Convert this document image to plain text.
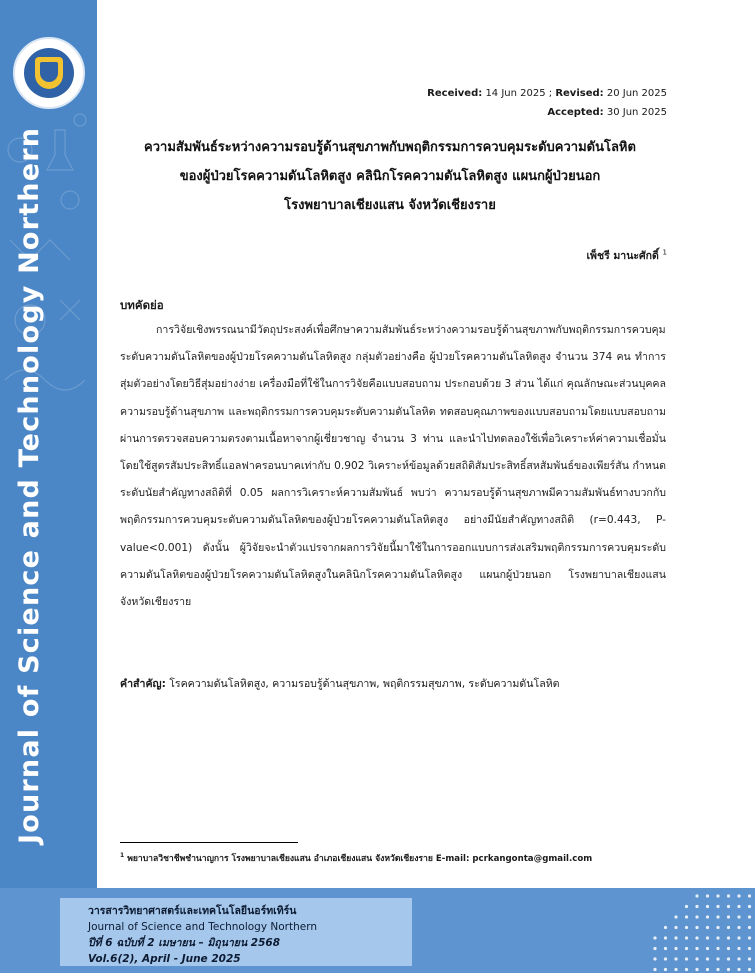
Journal of Science and Technology Northern
Received: 14 Jun 2025 ; Revised: 20 Jun 2025
Accepted: 30 Jun 2025
ความสัมพันธ์ระหว่างความรอบรู้ด้านสุขภาพกับพฤติกรรมการควบคุมระดับความดันโลหิต
ของผู้ป่วยโรคความดันโลหิตสูง คลินิกโรคความดันโลหิตสูง แผนกผู้ป่วยนอก
โรงพยาบาลเชียงแสน จังหวัดเชียงราย
เพ็ชรี มานะศักดิ์ $^1$
บทคัดย่อ

การวิจัยเชิงพรรณนามีวัตถุประสงค์เพื่อศึกษาความสัมพันธ์ระหว่างความรอบรู้ด้านสุขภาพกับพฤติกรรมการควบคุมระดับความดันโลหิตของผู้ป่วยโรคความดันโลหิตสูง กลุ่มตัวอย่างคือ ผู้ป่วยโรคความดันโลหิตสูง จำนวน 374 คน ทำการสุ่มตัวอย่างโดยวิธีสุ่มอย่างง่าย เครื่องมือที่ใช้ในการวิจัยคือแบบสอบถาม ประกอบด้วย 3 ส่วน ได้แก่ คุณลักษณะส่วนบุคคล ความรอบรู้ด้านสุขภาพ และพฤติกรรมการควบคุมระดับความดันโลหิต ทดสอบคุณภาพของแบบสอบถามโดยแบบสอบถามผ่านการตรวจสอบความตรงตามเนื้อหาจากผู้เชี่ยวชาญ จำนวน 3 ท่าน และนำไปทดลองใช้เพื่อวิเคราะห์ค่าความเชื่อมั่นโดยใช้สูตรสัมประสิทธิ์แอลฟาครอนบาคเท่ากับ 0.902 วิเคราะห์ข้อมูลด้วยสถิติสัมประสิทธิ์สหสัมพันธ์ของเพียร์สัน กำหนดระดับนัยสำคัญทางสถิติที่ 0.05 ผลการวิเคราะห์ความสัมพันธ์ พบว่า ความรอบรู้ด้านสุขภาพมีความสัมพันธ์ทางบวกกับพฤติกรรมการควบคุมระดับความดันโลหิตของผู้ป่วยโรคความดันโลหิตสูง อย่างมีนัยสำคัญทางสถิติ (r=0.443, P-value<0.001) ดังนั้น ผู้วิจัยจะนำตัวแปรจากผลการวิจัยนี้มาใช้ในการออกแบบการส่งเสริมพฤติกรรมการควบคุมระดับความดันโลหิตของผู้ป่วยโรคความดันโลหิตสูงในคลินิกโรคความดันโลหิตสูง แผนกผู้ป่วยนอก โรงพยาบาลเชียงแสน จังหวัดเชียงราย

คำสำคัญ: โรคความดันโลหิตสูง, ความรอบรู้ด้านสุขภาพ, พฤติกรรมสุขภาพ, ระดับความดันโลหิต
$^1$ พยาบาลวิชาชีพชำนาญการ โรงพยาบาลเชียงแสน อำเภอเชียงแสน จังหวัดเชียงราย E-mail: pcrkangonta@gmail.com
วารสารวิทยาศาสตร์และเทคโนโลยีนอร์ทเทิร์น
Journal of Science and Technology Northern
ปีที่ 6 ฉบับที่ 2 เมษายน – มิถุนายน 2568
Vol.6(2), April - June 2025
